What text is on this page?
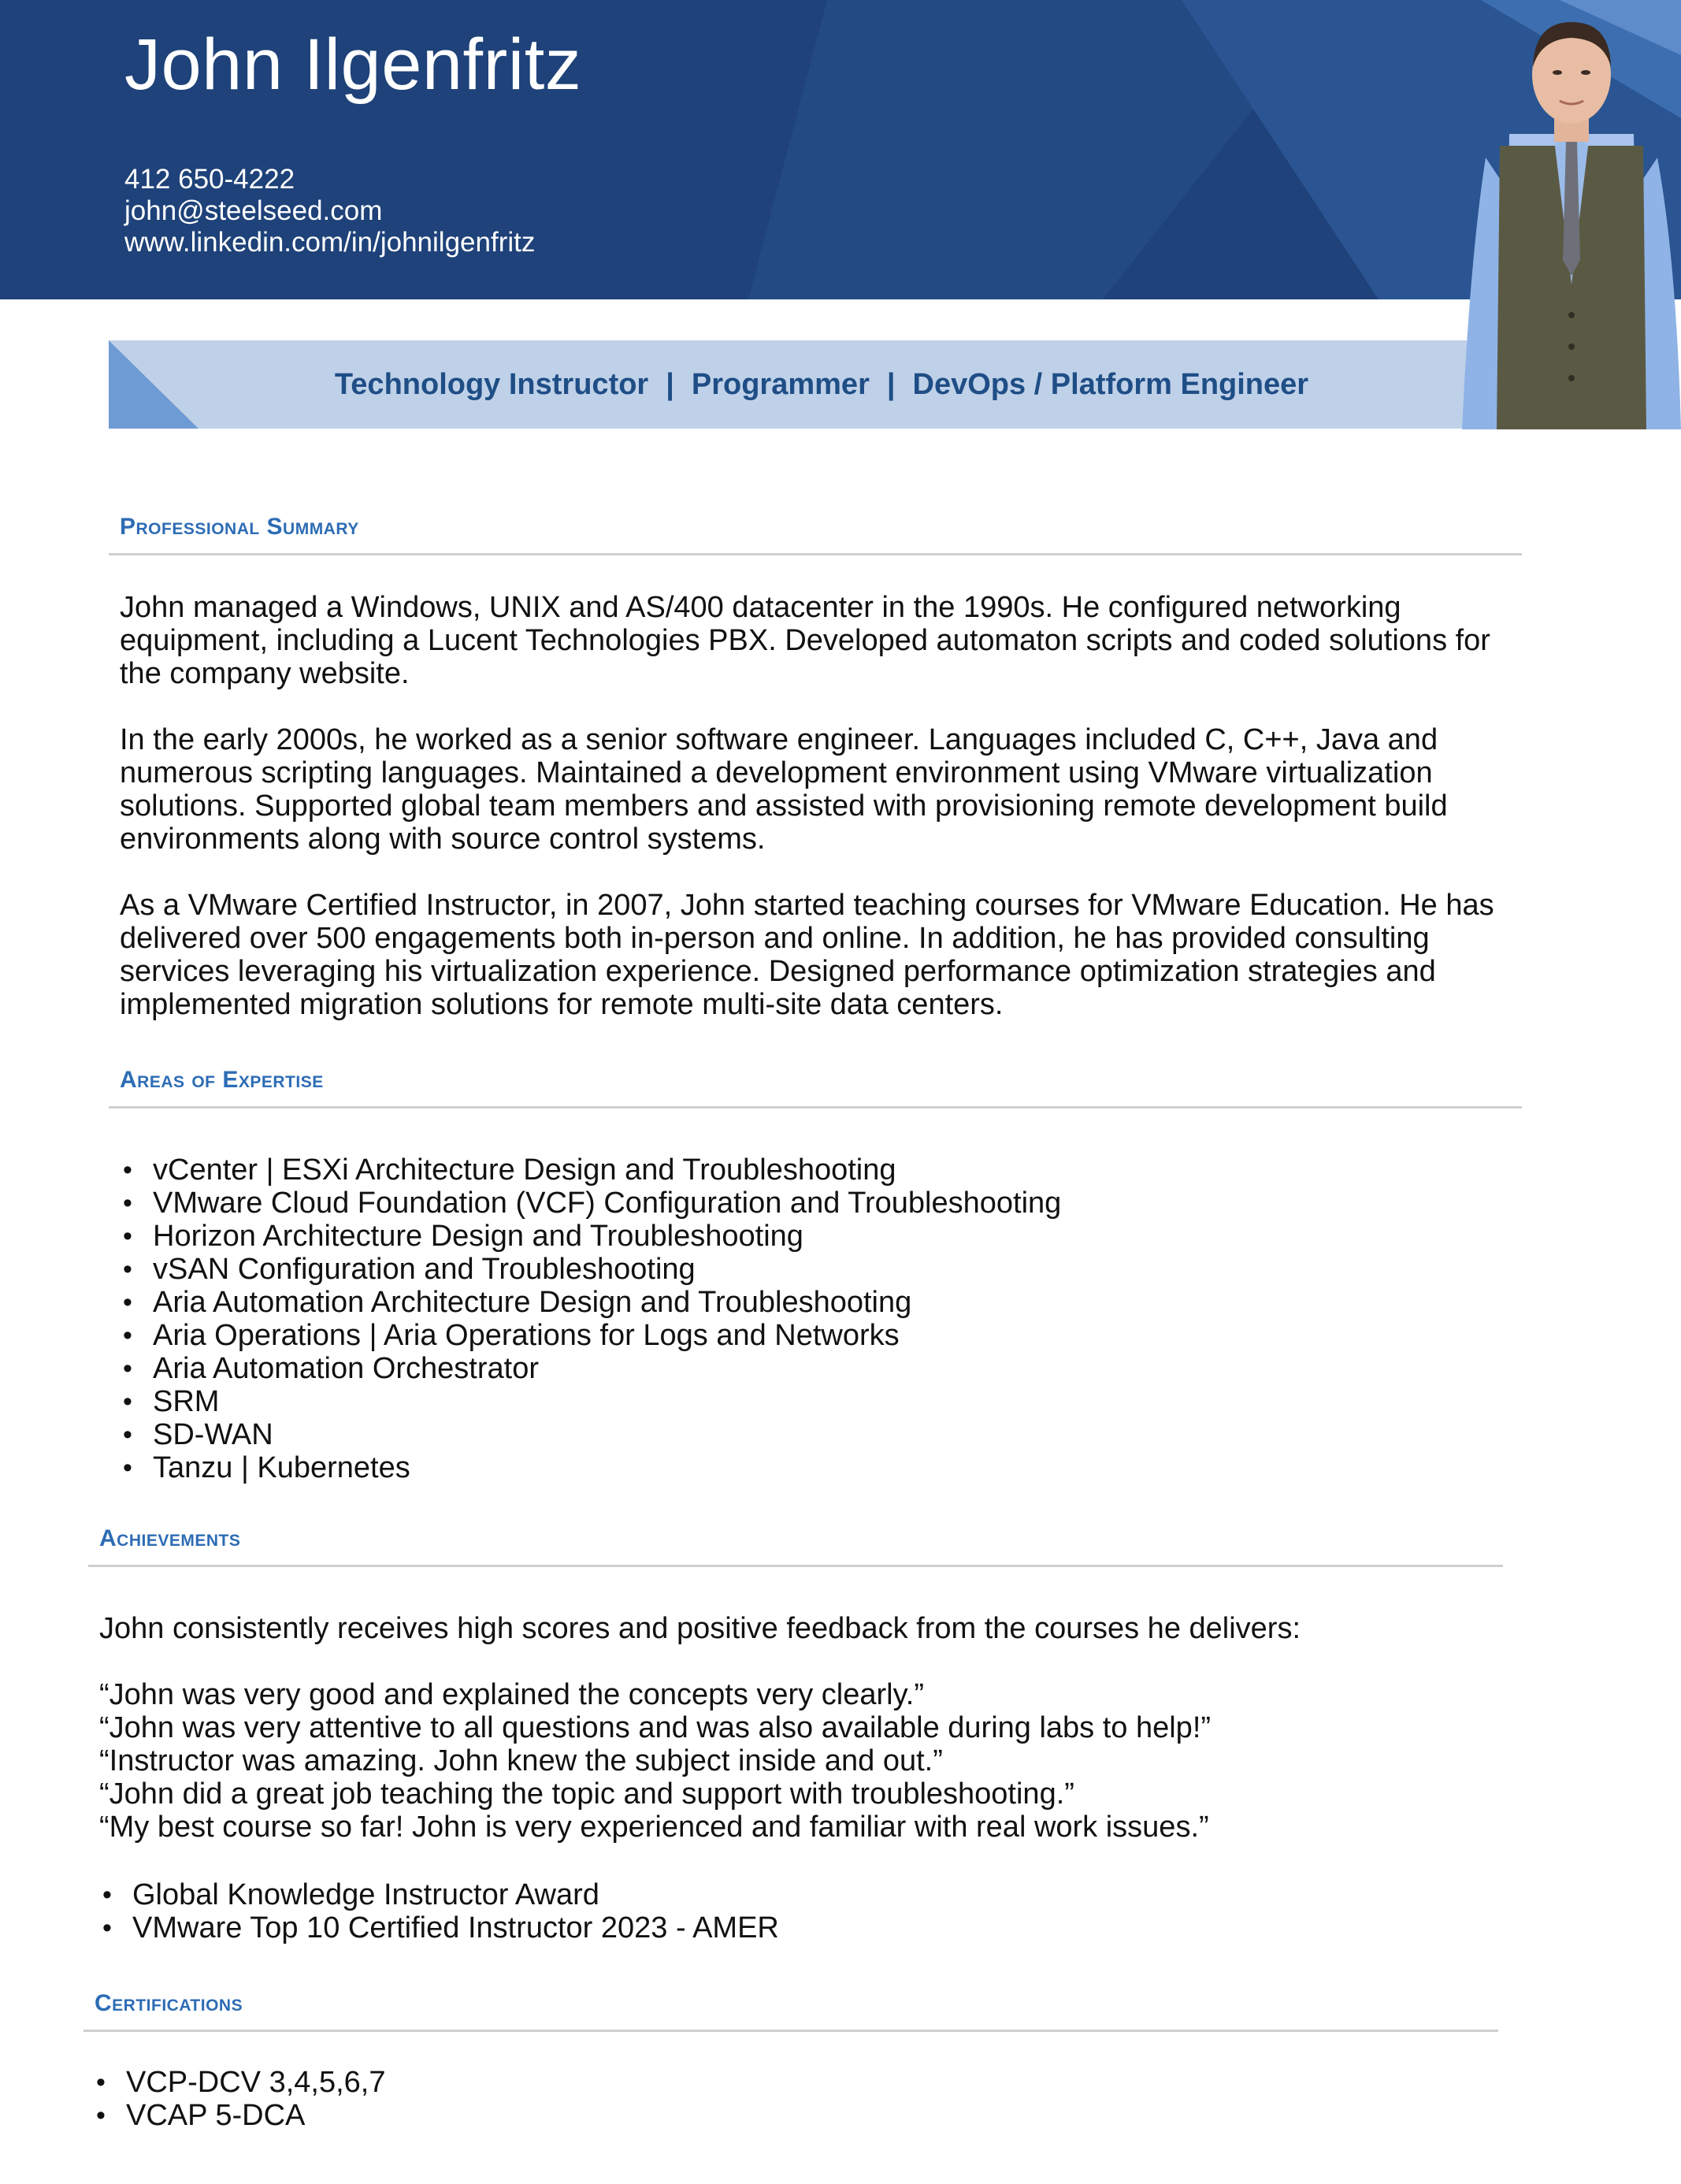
John Ilgenfritz
412 650-4222
john@steelseed.com
www.linkedin.com/in/johnilgenfritz
Technology Instructor | Programmer | DevOps / Platform Engineer
Professional Summary

John managed a Windows, UNIX and AS/400 datacenter in the 1990s. He configured networking equipment, including a Lucent Technologies PBX. Developed automaton scripts and coded solutions for the company website.

In the early 2000s, he worked as a senior software engineer. Languages included C, C++, Java and numerous scripting languages. Maintained a development environment using VMware virtualization solutions. Supported global team members and assisted with provisioning remote development build environments along with source control systems.

As a VMware Certified Instructor, in 2007, John started teaching courses for VMware Education. He has delivered over 500 engagements both in-person and online. In addition, he has provided consulting services leveraging his virtualization experience. Designed performance optimization strategies and implemented migration solutions for remote multi-site data centers.

Areas of Expertise
• vCenter | ESXi Architecture Design and Troubleshooting
• VMware Cloud Foundation (VCF) Configuration and Troubleshooting
• Horizon Architecture Design and Troubleshooting
• vSAN Configuration and Troubleshooting
• Aria Automation Architecture Design and Troubleshooting
• Aria Operations | Aria Operations for Logs and Networks
• Aria Automation Orchestrator
• SRM
• SD-WAN
• Tanzu | Kubernetes
Achievements

John consistently receives high scores and positive feedback from the courses he delivers:

“John was very good and explained the concepts very clearly.”
“John was very attentive to all questions and was also available during labs to help!”
“Instructor was amazing. John knew the subject inside and out.”
“John did a great job teaching the topic and support with troubleshooting.”
“My best course so far! John is very experienced and familiar with real work issues.”
• Global Knowledge Instructor Award
• VMware Top 10 Certified Instructor 2023 - AMER
Certifications
• VCP-DCV 3,4,5,6,7
• VCAP 5-DCA
